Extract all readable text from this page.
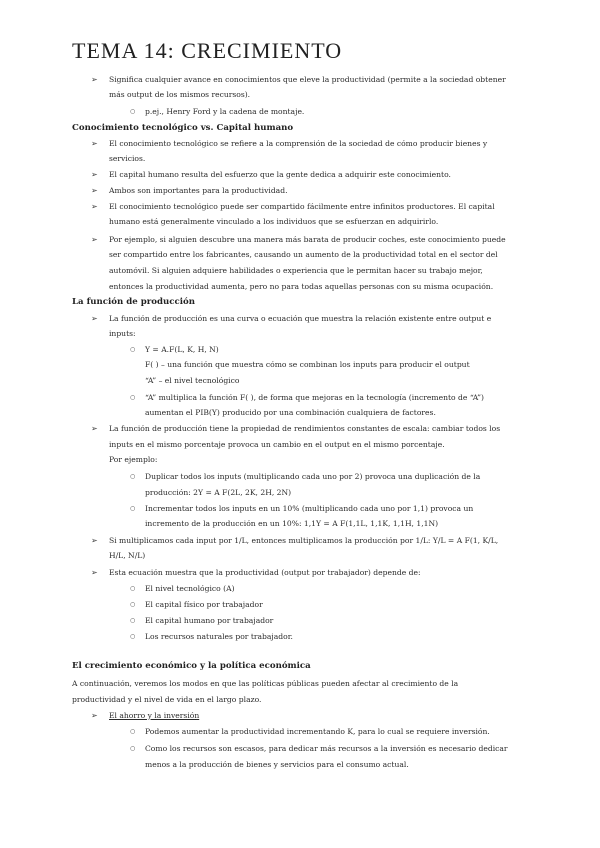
TEMA 14: CRECIMIENTO
➢ Significa cualquier avance en conocimientos que eleve la productividad (permite a la sociedad obtener
más output de los mismos recursos).
○ p.ej., Henry Ford y la cadena de montaje.
Conocimiento tecnológico vs. Capital humano
➢ El conocimiento tecnológico se refiere a la comprensión de la sociedad de cómo producir bienes y
servicios.
➢ El capital humano resulta del esfuerzo que la gente dedica a adquirir este conocimiento.
➢ Ambos son importantes para la productividad.
➢ El conocimiento tecnológico puede ser compartido fácilmente entre infinitos productores. El capital
humano está generalmente vinculado a los individuos que se esfuerzan en adquirirlo.
➢ Por ejemplo, si alguien descubre una manera más barata de producir coches, este conocimiento puede
ser compartido entre los fabricantes, causando un aumento de la productividad total en el sector del
automóvil. Si alguien adquiere habilidades o experiencia que le permitan hacer su trabajo mejor,
entonces la productividad aumenta, pero no para todas aquellas personas con su misma ocupación.
La función de producción
➢ La función de producción es una curva o ecuación que muestra la relación existente entre output e
inputs:
○ Y = A.F(L, K, H, N)
F( ) – una función que muestra cómo se combinan los inputs para producir el output
“A” – el nivel tecnológico
○ “A” multiplica la función F( ), de forma que mejoras en la tecnología (incremento de “A”)
aumentan el PIB(Y) producido por una combinación cualquiera de factores.
➢ La función de producción tiene la propiedad de rendimientos constantes de escala: cambiar todos los
inputs en el mismo porcentaje provoca un cambio en el output en el mismo porcentaje.
Por ejemplo:
○ Duplicar todos los inputs (multiplicando cada uno por 2) provoca una duplicación de la
producción: 2Y = A F(2L, 2K, 2H, 2N)
○ Incrementar todos los inputs en un 10% (multiplicando cada uno por 1,1) provoca un
incremento de la producción en un 10%: 1,1Y = A F(1,1L, 1,1K, 1,1H, 1,1N)
➢ Si multiplicamos cada input por 1/L, entonces multiplicamos la producción por 1/L: Y/L = A F(1, K/L,
H/L, N/L)
➢ Esta ecuación muestra que la productividad (output por trabajador) depende de:
○ El nivel tecnológico (A)
○ El capital físico por trabajador
○ El capital humano por trabajador
○ Los recursos naturales por trabajador.
El crecimiento económico y la política económica
A continuación, veremos los modos en que las políticas públicas pueden afectar al crecimiento de la
productividad y el nivel de vida en el largo plazo.
➢ El ahorro y la inversión
○ Podemos aumentar la productividad incrementando K, para lo cual se requiere inversión.
○ Como los recursos son escasos, para dedicar más recursos a la inversión es necesario dedicar
menos a la producción de bienes y servicios para el consumo actual.
